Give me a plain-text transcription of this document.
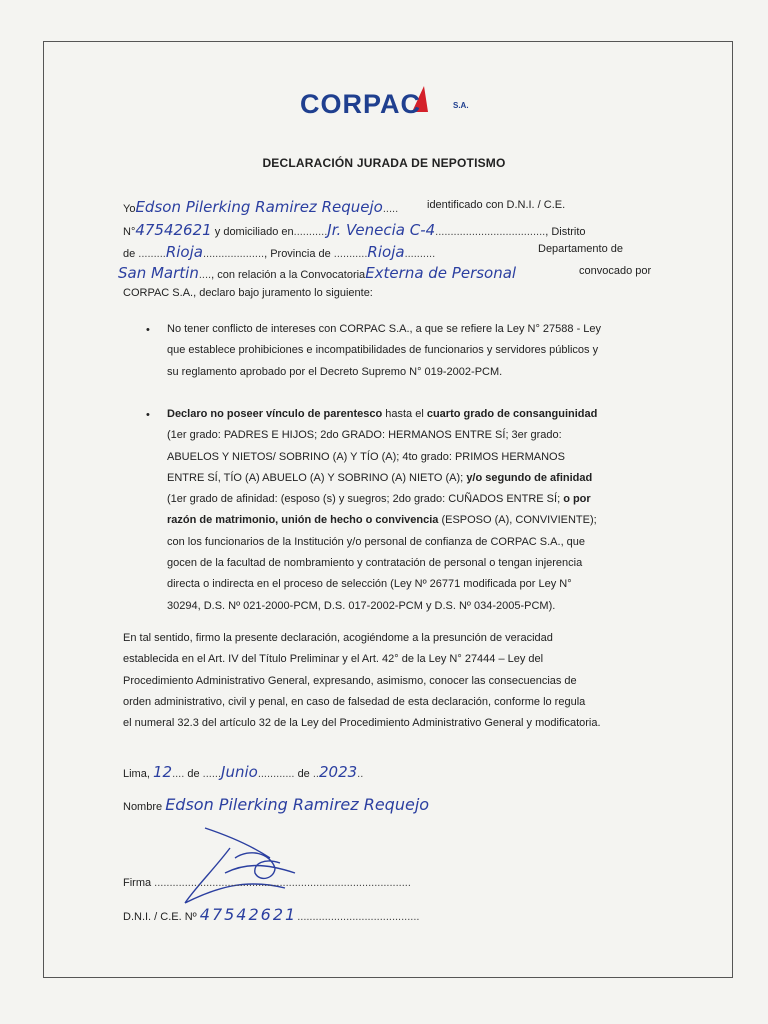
CORPAC	S.A.
DECLARACIÓN JURADA DE NEPOTISMO
YoEdson Pilerking Ramirez Requejo.....	identificado con D.N.I. / C.E.
N°47542621 y domiciliado en...........Jr. Venecia C-4...................................., Distrito
de .........Rioja...................., Provincia de ...........Rioja..........	Departamento de
San Martin...., con relación a la ConvocatoriaExterna de Personal	convocado por
CORPAC S.A., declaro bajo juramento lo siguiente:
• No tener conflicto de intereses con CORPAC S.A., a que se refiere la Ley N° 27588 - Ley
que establece prohibiciones e incompatibilidades de funcionarios y servidores públicos y
su reglamento aprobado por el Decreto Supremo N° 019-2002-PCM.
• Declaro no poseer vínculo de parentesco hasta el cuarto grado de consanguinidad
(1er grado: PADRES E HIJOS; 2do GRADO: HERMANOS ENTRE SÍ; 3er grado:
ABUELOS Y NIETOS/ SOBRINO (A) Y TÍO (A); 4to grado: PRIMOS HERMANOS
ENTRE SÍ, TÍO (A) ABUELO (A) Y SOBRINO (A) NIETO (A); y/o segundo de afinidad
(1er grado de afinidad: (esposo (s) y suegros; 2do grado: CUÑADOS ENTRE SÍ; o por
razón de matrimonio, unión de hecho o convivencia (ESPOSO (A), CONVIVIENTE);
con los funcionarios de la Institución y/o personal de confianza de CORPAC S.A., que
gocen de la facultad de nombramiento y contratación de personal o tengan injerencia
directa o indirecta en el proceso de selección (Ley Nº 26771 modificada por Ley N°
30294, D.S. Nº 021-2000-PCM, D.S. 017-2002-PCM y D.S. Nº 034-2005-PCM).
En tal sentido, firmo la presente declaración, acogiéndome a la presunción de veracidad
establecida en el Art. IV del Título Preliminar y el Art. 42° de la Ley N° 27444 – Ley del
Procedimiento Administrativo General, expresando, asimismo, conocer las consecuencias de
orden administrativo, civil y penal, en caso de falsedad de esta declaración, conforme lo regula
el numeral 32.3 del artículo 32 de la Ley del Procedimiento Administrativo General y modificatoria.
Lima, 12.... de ......Junio............ de ..2023..
Nombre Edson Pilerking Ramirez Requejo
Firma ....................................................................................
D.N.I. / C.E. Nº 47542621........................................
